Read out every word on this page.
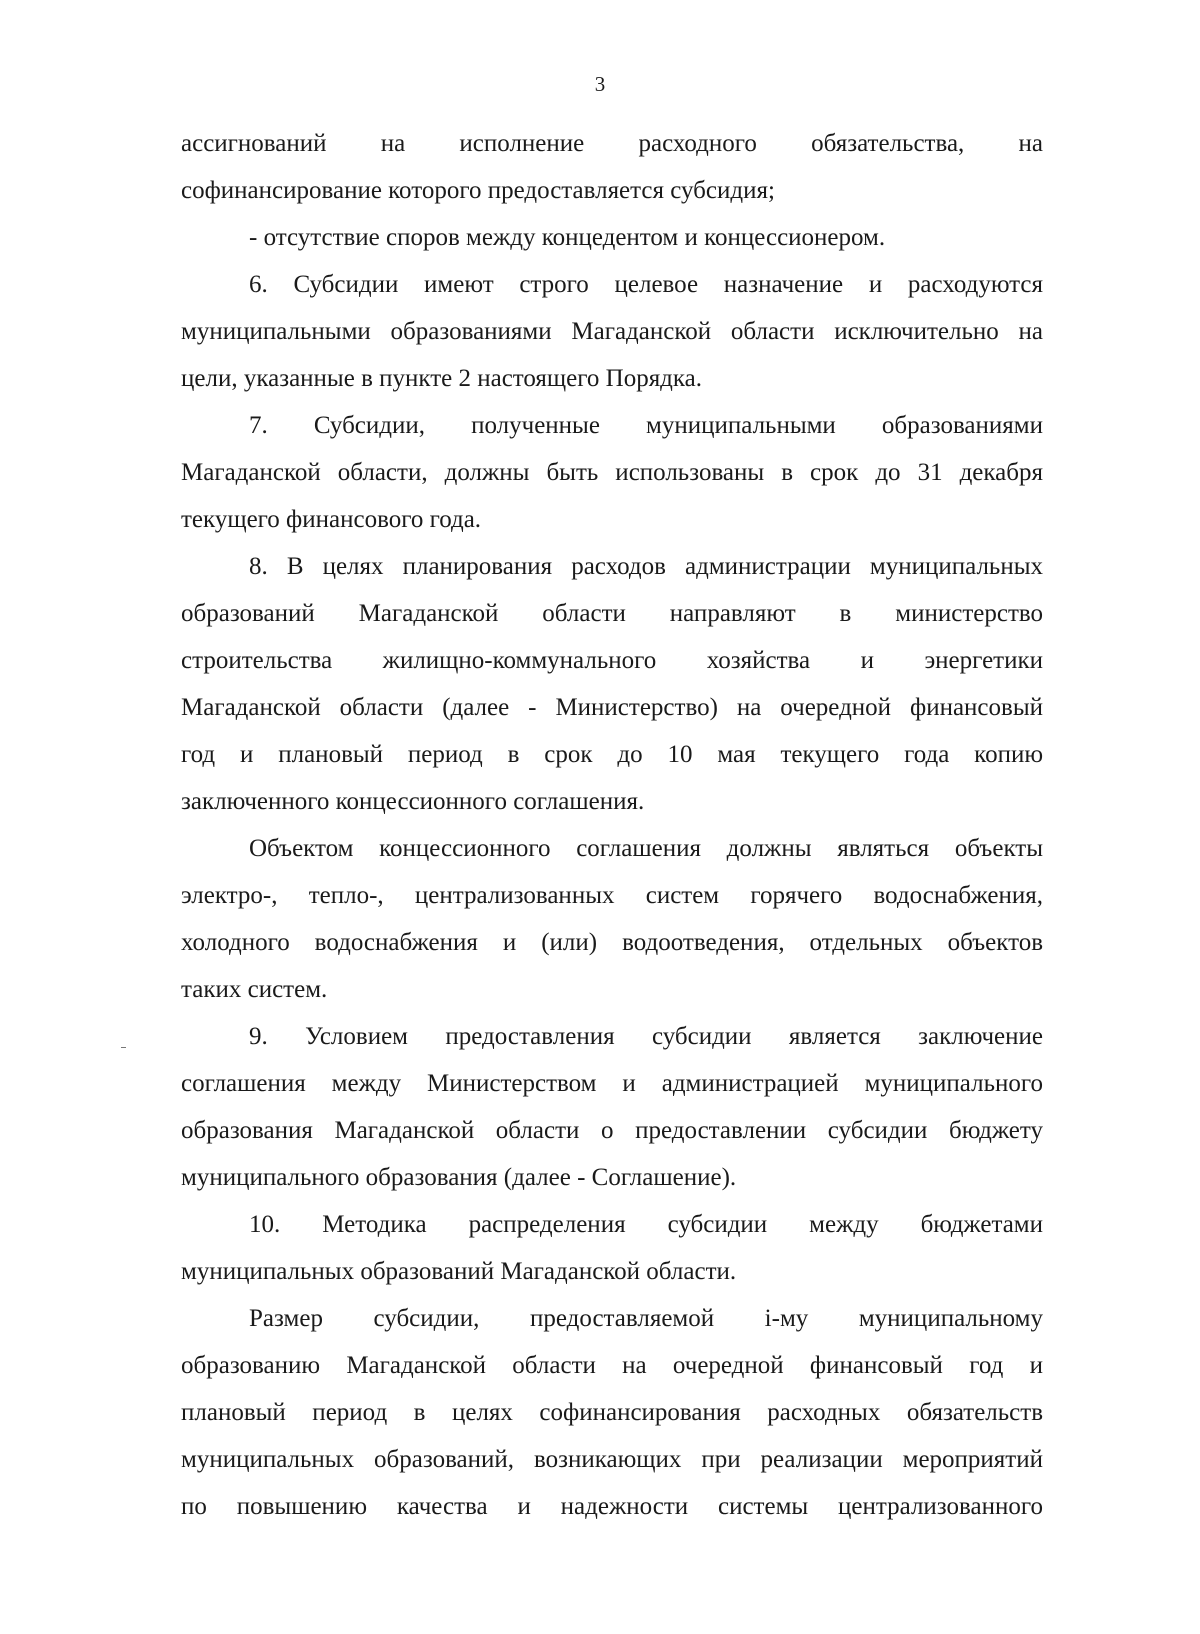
3

ассигнований на исполнение расходного обязательства, на

софинансирование которого предоставляется субсидия;

- отсутствие споров между концедентом и концессионером.

6. Субсидии имеют строго целевое назначение и расходуются

муниципальными образованиями Магаданской области исключительно на

цели, указанные в пункте 2 настоящего Порядка.

7. Субсидии, полученные муниципальными образованиями

Магаданской области, должны быть использованы в срок до 31 декабря

текущего финансового года.

8. В целях планирования расходов администрации муниципальных

образований Магаданской области направляют в министерство

строительства жилищно-коммунального хозяйства и энергетики

Магаданской области (далее - Министерство) на очередной финансовый

год и плановый период в срок до 10 мая текущего года копию

заключенного концессионного соглашения.

Объектом концессионного соглашения должны являться объекты

электро-, тепло-, централизованных систем горячего водоснабжения,

холодного водоснабжения и (или) водоотведения, отдельных объектов

таких систем.

9. Условием предоставления субсидии является заключение

соглашения между Министерством и администрацией муниципального

образования Магаданской области о предоставлении субсидии бюджету

муниципального образования (далее - Соглашение).

10. Методика распределения субсидии между бюджетами

муниципальных образований Магаданской области.

Размер субсидии, предоставляемой i-му муниципальному

образованию Магаданской области на очередной финансовый год и

плановый период в целях софинансирования расходных обязательств

муниципальных образований, возникающих при реализации мероприятий

по повышению качества и надежности системы централизованного
